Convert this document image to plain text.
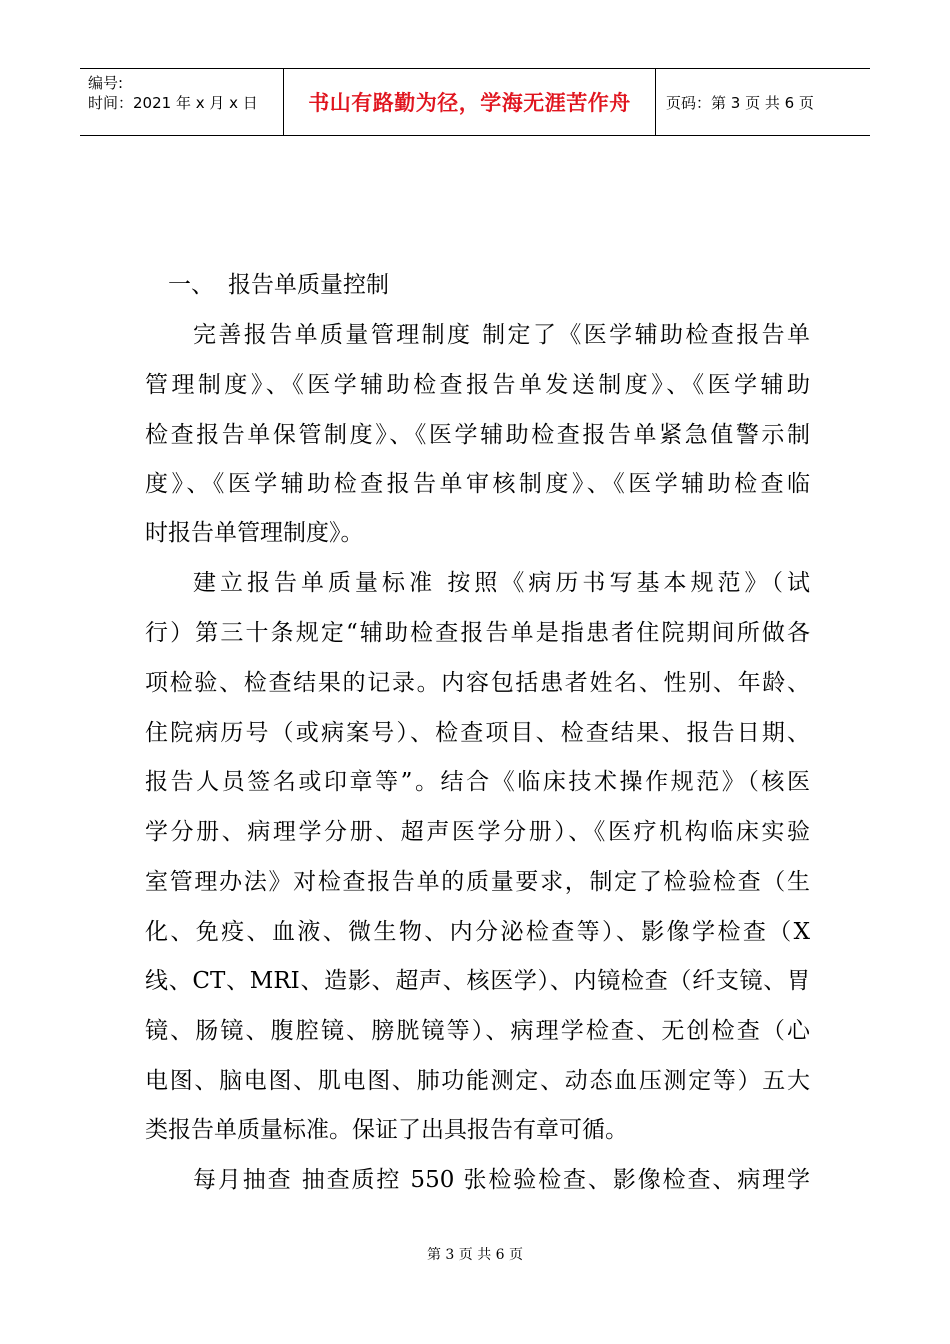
编号:
时间：2021 年 x 月 x 日	书山有路勤为径，学海无涯苦作舟	页码：第 3 页 共 6 页
一、 报告单质量控制
完善报告单质量管理制度 制定了《医学辅助检查报告单
管理制度》、《医学辅助检查报告单发送制度》、《医学辅助
检查报告单保管制度》、《医学辅助检查报告单紧急值警示制
度》、《医学辅助检查报告单审核制度》、《医学辅助检查临
时报告单管理制度》。
建立报告单质量标准 按照《病历书写基本规范》（试
行）第三十条规定“辅助检查报告单是指患者住院期间所做各
项检验、检查结果的记录。内容包括患者姓名、性别、年龄、
住院病历号（或病案号）、检查项目、检查结果、报告日期、
报告人员签名或印章等”。结合《临床技术操作规范》（核医
学分册、病理学分册、超声医学分册）、《医疗机构临床实验
室管理办法》对检查报告单的质量要求，制定了检验检查（生
化、免疫、血液、微生物、内分泌检查等）、影像学检查（X
线、CT、MRI、造影、超声、核医学）、内镜检查（纤支镜、胃
镜、肠镜、腹腔镜、膀胱镜等）、病理学检查、无创检查（心
电图、脑电图、肌电图、肺功能测定、动态血压测定等）五大
类报告单质量标准。保证了出具报告有章可循。
每月抽查 抽查质控 550 张检验检查、影像检查、病理学
第 3 页 共 6 页
